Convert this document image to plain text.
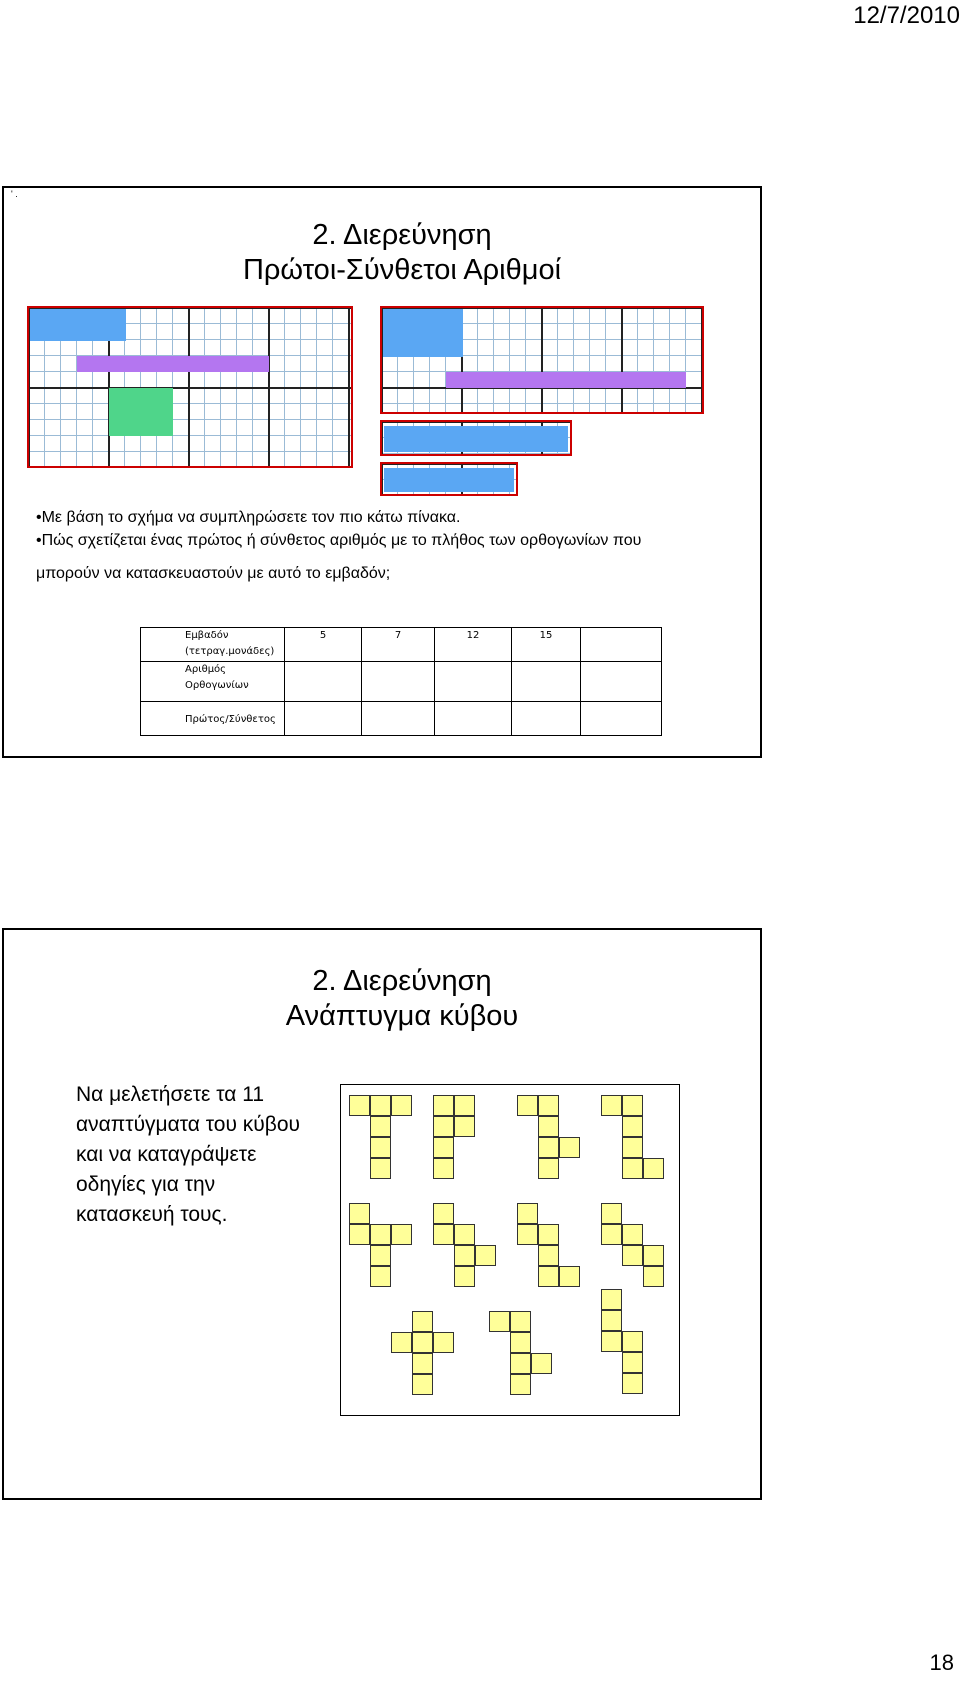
12/7/2010
' .
2. Διερεύνηση
Πρώτοι-Σύνθετοι Αριθμοί
•Με βάση το σχήμα να συμπληρώσετε τον πιο κάτω πίνακα.
•Πώς σχετίζεται ένας πρώτος ή σύνθετος αριθμός με το πλήθος των ορθογωνίων που
μπορούν να κατασκευαστούν με αυτό το εμβαδόν;
Εμβαδόν
(τετραγ.μονάδες)	5	7	12	15	

Αριθμός
Ορθογωνίων					

Πρώτος/Σύνθετος					

2. Διερεύνηση
Ανάπτυγμα κύβου
Να μελετήσετε τα 11 αναπτύγματα του κύβου και να καταγράψετε οδηγίες για την κατασκευή τους.
18
